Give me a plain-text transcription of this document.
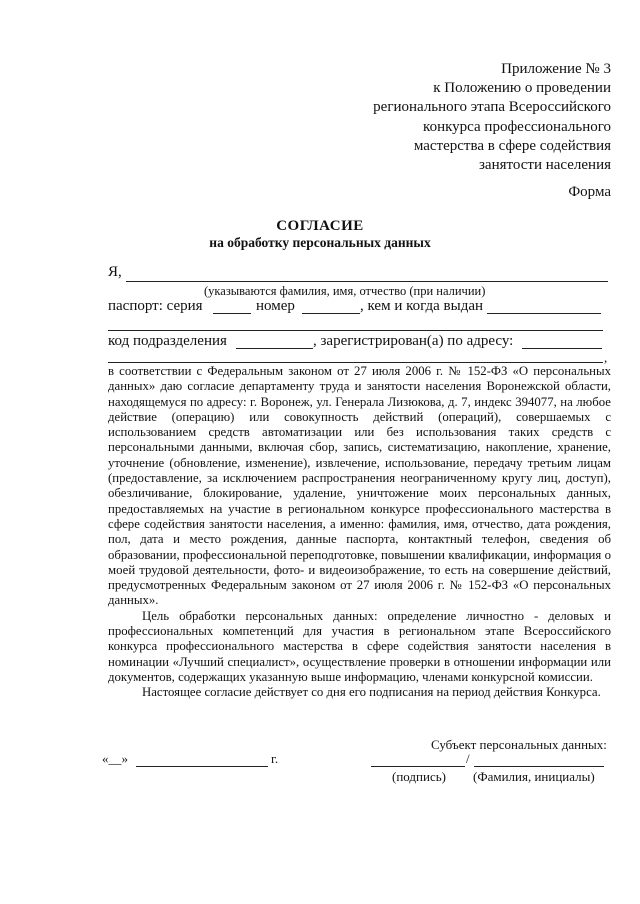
Приложение № 3
к Положению о проведении
регионального этапа Всероссийского
конкурса профессионального
мастерства в сфере содействия
занятости населения
Форма
СОГЛАСИЕ
на обработку персональных данных
Я,
(указываются фамилия, имя, отчество (при наличии)
паспорт: серия	номер	, кем и когда выдан
код подразделения	, зарегистрирован(а) по адресу:
,

в соответствии с Федеральным законом от 27 июля 2006 г. № 152-ФЗ «О персональных данных» даю согласие департаменту труда и занятости населения Воронежской области, находящемуся по адресу: г. Воронеж, ул. Генерала Лизюкова, д. 7, индекс 394077, на любое действие (операцию) или совокупность действий (операций), совершаемых с использованием средств автоматизации или без использования таких средств с персональными данными, включая сбор, запись, систематизацию, накопление, хранение, уточнение (обновление, изменение), извлечение, использование, передачу третьим лицам (предоставление, за исключением распространения неограниченному кругу лиц, доступ), обезличивание, блокирование, удаление, уничтожение моих персональных данных, предоставляемых на участие в региональном конкурсе профессионального мастерства в сфере содействия занятости населения, а именно: фамилия, имя, отчество, дата рождения, пол, дата и место рождения, данные паспорта, контактный телефон, сведения об образовании, профессиональной переподготовке, повышении квалификации, информация о моей трудовой деятельности, фото- и видеоизображение, то есть на совершение действий, предусмотренных Федеральным законом от 27 июля 2006 г. № 152-ФЗ «О персональных данных».

Цель обработки персональных данных: определение личностно - деловых и профессиональных компетенций для участия в региональном этапе Всероссийского конкурса профессионального мастерства в сфере содействия занятости населения в номинации «Лучший специалист», осуществление проверки в отношении информации или документов, содержащих указанную выше информацию, членами конкурсной комиссии.

Настоящее согласие действует со дня его подписания на период действия Конкурса.

Субъект персональных данных:
«__»	г.	/
(подпись) (Фамилия, инициалы)
